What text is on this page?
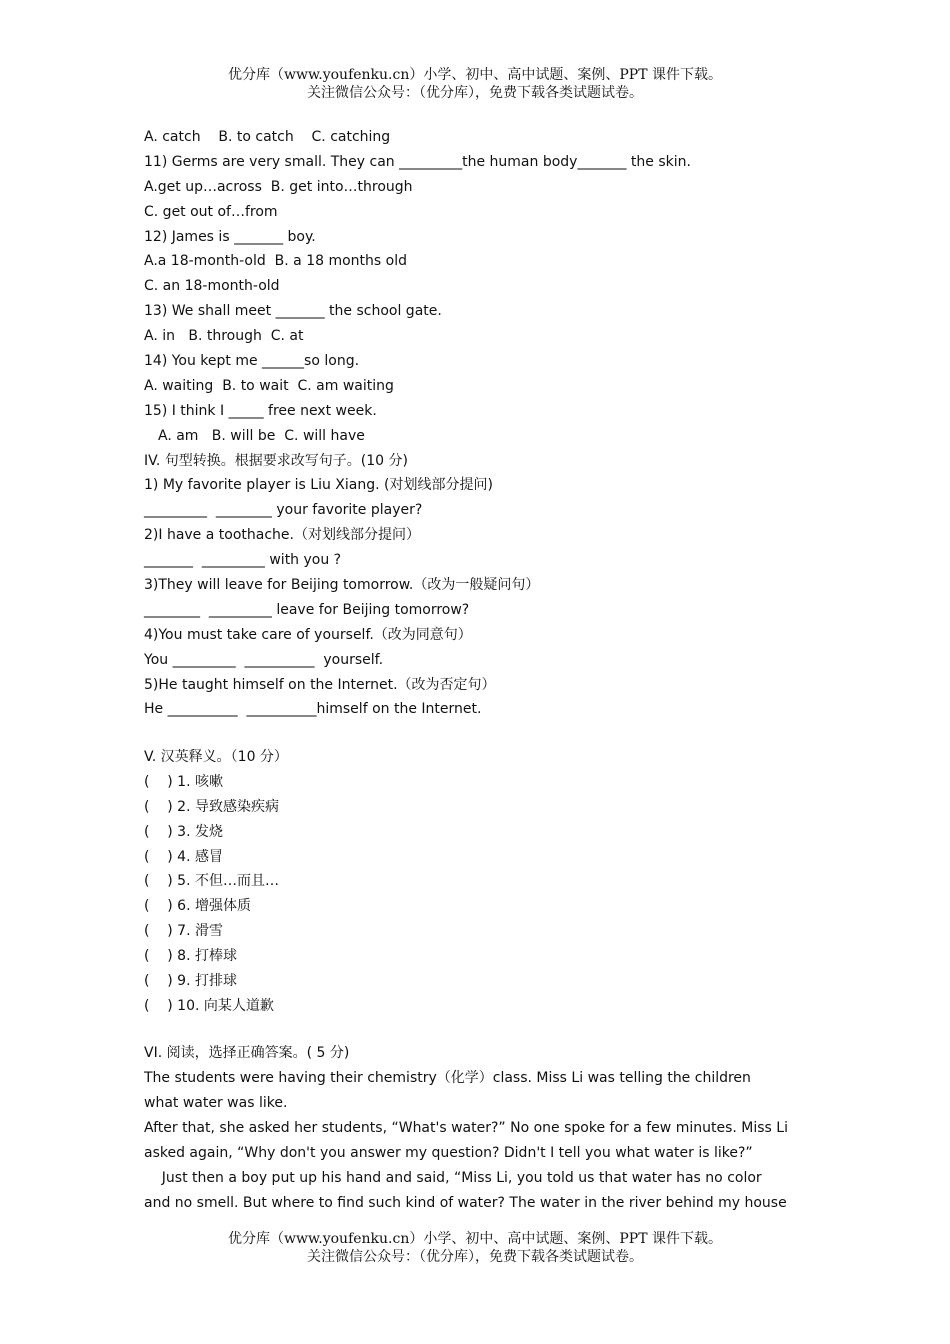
优分库（www.youfenku.cn）小学、初中、高中试题、案例、PPT 课件下载。
关注微信公众号：（优分库），免费下载各类试题试卷。
A. catch    B. to catch    C. catching
11) Germs are very small. They can _________the human body_______ the skin.
A.get up…across  B. get into…through
C. get out of…from
12) James is _______ boy.
A.a 18-month-old  B. a 18 months old
C. an 18-month-old
13) We shall meet _______ the school gate.
A. in   B. through  C. at
14) You kept me ______so long.
A. waiting  B. to wait  C. am waiting
15) I think I _____ free next week.
A. am   B. will be  C. will have
IV. 句型转换。根据要求改写句子。(10 分)
1) My favorite player is Liu Xiang. (对划线部分提问)
_________  ________ your favorite player?
2)I have a toothache.（对划线部分提问）
_______  _________ with you ?
3)They will leave for Beijing tomorrow.（改为一般疑问句）
________  _________ leave for Beijing tomorrow?
4)You must take care of yourself.（改为同意句）
You _________  __________  yourself.
5)He taught himself on the Internet.（改为否定句）
He __________  __________himself on the Internet.
V. 汉英释义。（10 分）
(    ) 1. 咳嗽
(    ) 2. 导致感染疾病
(    ) 3. 发烧
(    ) 4. 感冒
(    ) 5. 不但…而且…
(    ) 6. 增强体质
(    ) 7. 滑雪
(    ) 8. 打棒球
(    ) 9. 打排球
(    ) 10. 向某人道歉
VI. 阅读，选择正确答案。( 5 分)
The students were having their chemistry（化学）class. Miss Li was telling the children
what water was like.
After that, she asked her students, “What's water?” No one spoke for a few minutes. Miss Li
asked again, “Why don't you answer my question? Didn't I tell you what water is like?”
Just then a boy put up his hand and said, “Miss Li, you told us that water has no color
and no smell. But where to find such kind of water? The water in the river behind my house
优分库（www.youfenku.cn）小学、初中、高中试题、案例、PPT 课件下载。
关注微信公众号：（优分库），免费下载各类试题试卷。
